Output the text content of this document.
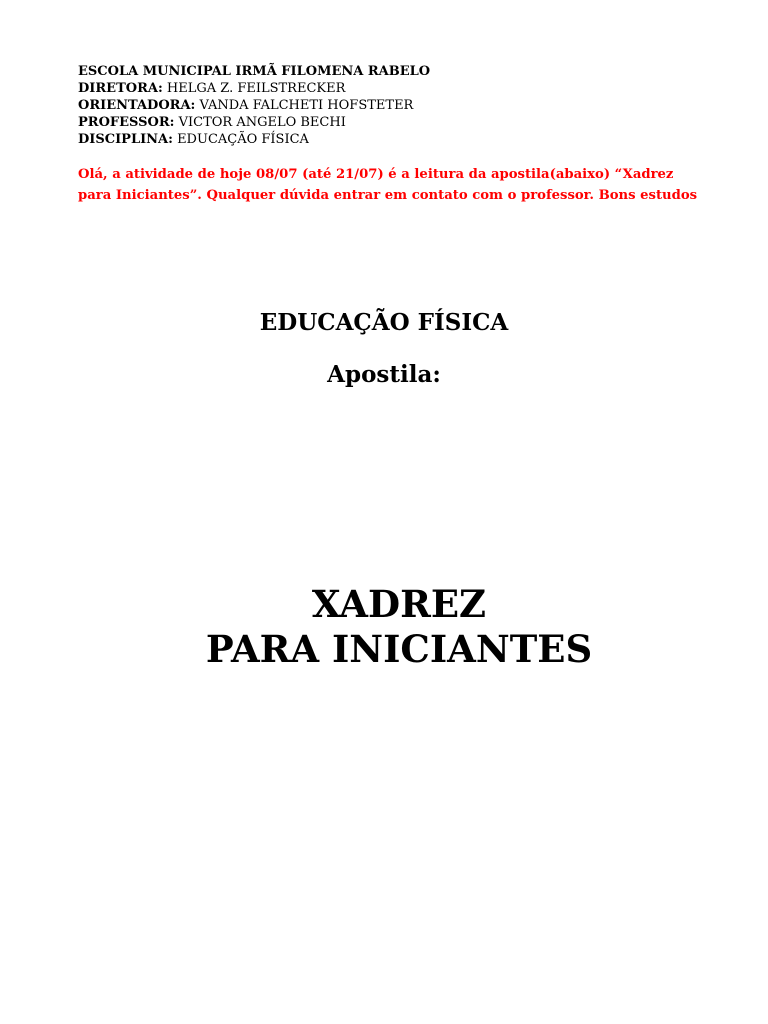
ESCOLA MUNICIPAL IRMÃ FILOMENA RABELO
DIRETORA: HELGA Z. FEILSTRECKER
ORIENTADORA: VANDA FALCHETI HOFSTETER
PROFESSOR: VICTOR ANGELO BECHI
DISCIPLINA: EDUCAÇÃO FÍSICA
Olá, a atividade de hoje 08/07 (até 21/07) é a leitura da apostila(abaixo) “Xadrez
para Iniciantes”. Qualquer dúvida entrar em contato com o professor. Bons estudos
EDUCAÇÃO FÍSICA
Apostila:
XADREZ
PARA INICIANTES
